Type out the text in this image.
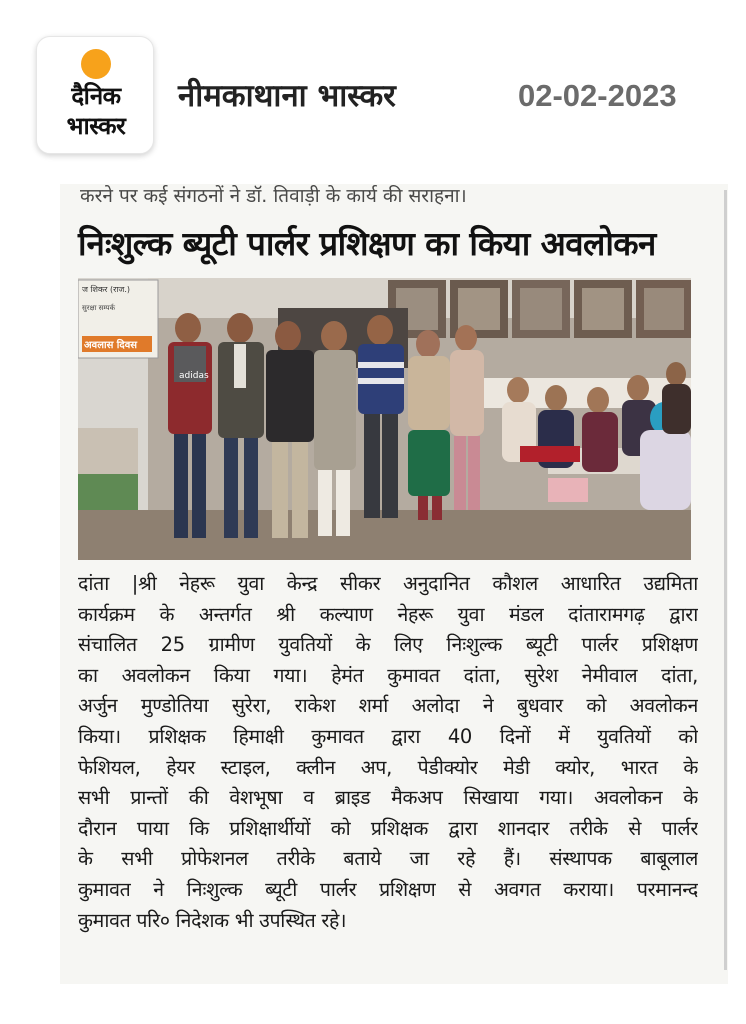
दैनिक
भास्कर
नीमकाथाना भास्कर	02-02-2023
करने पर कई संगठनों ने डॉ. तिवाड़ी के कार्य की सराहना।
निःशुल्क ब्यूटी पार्लर प्रशिक्षण का किया अवलोकन
ज शिकर (राज.)
सुरक्षा सम्पर्क
अवलास दिवस
adidas
दांता |श्री नेहरू युवा केन्द्र सीकर अनुदानित कौशल आधारित उद्यमिता
कार्यक्रम के अन्तर्गत श्री कल्याण नेहरू युवा मंडल दांतारामगढ़ द्वारा
संचालित 25 ग्रामीण युवतियों के लिए निःशुल्क ब्यूटी पार्लर प्रशिक्षण
का अवलोकन किया गया। हेमंत कुमावत दांता, सुरेश नेमीवाल दांता,
अर्जुन मुण्डोतिया सुरेरा, राकेश शर्मा अलोदा ने बुधवार को अवलोकन
किया। प्रशिक्षक हिमाक्षी कुमावत द्वारा 40 दिनों में युवतियों को
फेशियल, हेयर स्टाइल, क्लीन अप, पेडीक्योर मेडी क्योर, भारत के
सभी प्रान्तों की वेशभूषा व ब्राइड मैकअप सिखाया गया। अवलोकन के
दौरान पाया कि प्रशिक्षार्थीयों को प्रशिक्षक द्वारा शानदार तरीके से पार्लर
के सभी प्रोफेशनल तरीके बताये जा रहे हैं। संस्थापक बाबूलाल
कुमावत ने निःशुल्क ब्यूटी पार्लर प्रशिक्षण से अवगत कराया। परमानन्द
कुमावत परि० निदेशक भी उपस्थित रहे।
